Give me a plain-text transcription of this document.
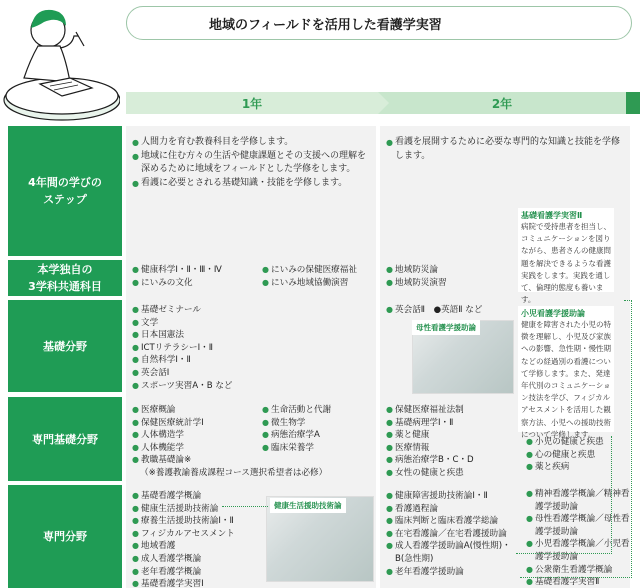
地域のフィールドを活用した看護学実習
1年	2年
4年間の学びの
ステップ
本学独自の
3学科共通科目
基礎分野
専門基礎分野
専門分野
● 人間力を育む教養科目を学修します。
● 地域に住む方々の生活や健康課題とその支援への理解を深めるために地域をフィールドとした学修をします。
● 看護に必要とされる基礎知識・技能を学修します。
● 看護を展開するために必要な専門的な知識と技能を学修します。
● 健康科学Ⅰ・Ⅱ・Ⅲ・Ⅳ
● にいみの文化
● にいみの保健医療福祉
● にいみ地域協働演習
● 地域防災論
● 地域防災演習
● 基礎ゼミナール
● 文学
● 日本国憲法
● ICTリテラシーⅠ・Ⅱ
● 自然科学Ⅰ・Ⅱ
● 英会話Ⅰ
● スポーツ実習A・B など
● 英会話Ⅱ　●英語Ⅱ など
母性看護学援助論
● 医療概論
● 保健医療統計学Ⅰ
● 人体構造学
● 人体機能学
● 教職基礎論※
（※養護教諭養成課程コース選択希望者は必修）
● 生命活動と代謝
● 微生物学
● 病態治療学A
● 臨床栄養学
● 保健医療福祉法制
● 基礎病理学Ⅰ・Ⅱ
● 薬と健康
● 医療情報
● 病態治療学B・C・D
● 女性の健康と疾患
● 小児の健康と疾患
● 心の健康と疾患
● 薬と疾病
● 基礎看護学概論
● 健康生活援助技術論
● 療養生活援助技術論Ⅰ・Ⅱ
● フィジカルアセスメント
● 地域看護
● 成人看護学概論
● 老年看護学概論
● 基礎看護学実習Ⅰ
健康生活援助技術論
● 健康障害援助技術論Ⅰ・Ⅱ
● 看護過程論
● 臨床判断と臨床看護学総論
● 在宅看護論／在宅看護援助論
● 成人看護学援助論A(慢性期)・B(急性期)
● 老年看護学援助論
● 精神看護学概論／精神看護学援助論
● 母性看護学概論／母性看護学援助論
● 小児看護学概論／小児看護学援助論
● 公衆衛生看護学概論
● 基礎看護学実習Ⅱ
基礎看護学実習Ⅱ
病院で受持患者を担当し、コミュニケーションを図りながら、患者さんの健康問題を解決できるような看護実践をします。実践を通して、倫理的態度も養います。
小児看護学援助論
健康を障害された小児の特徴を理解し、小児及び家族への影響、急性期・慢性期などの経過別の看護について学修します。また、発達年代別のコミュニケーション技法を学び、フィジカルアセスメントを活用した観察方法、小児への援助技術について学修します。
